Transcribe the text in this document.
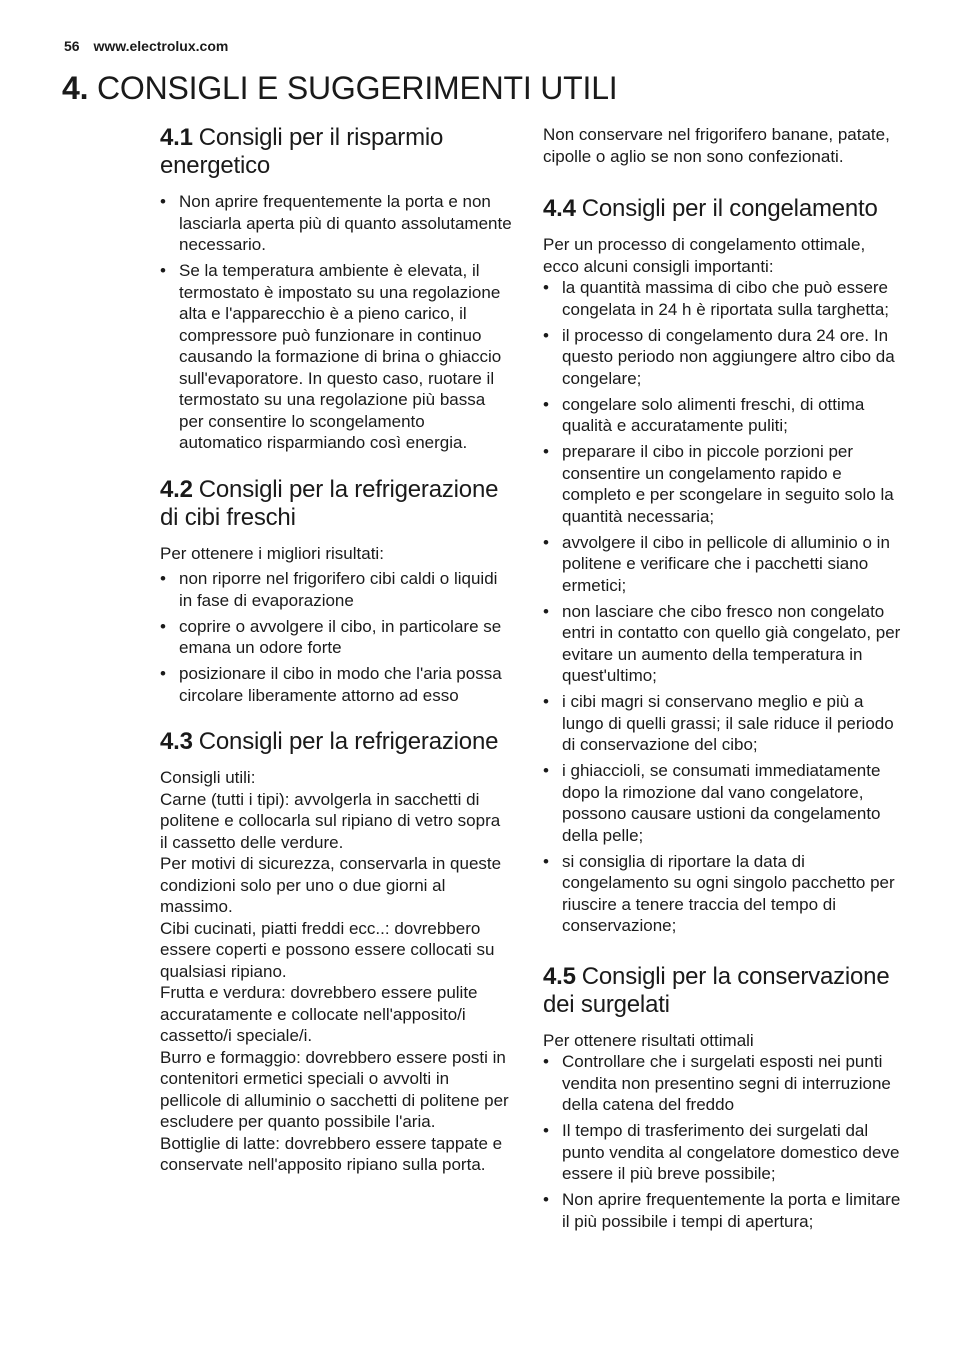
56 www.electrolux.com
4. CONSIGLI E SUGGERIMENTI UTILI
4.1 Consigli per il risparmio energetico
• Non aprire frequentemente la porta e non lasciarla aperta più di quanto assolutamente necessario.
• Se la temperatura ambiente è elevata, il termostato è impostato su una regolazione alta e l'apparecchio è a pieno carico, il compressore può funzionare in continuo causando la formazione di brina o ghiaccio sull'evaporatore. In questo caso, ruotare il termostato su una regolazione più bassa per consentire lo scongelamento automatico risparmiando così energia.
4.2 Consigli per la refrigerazione di cibi freschi

Per ottenere i migliori risultati:

• non riporre nel frigorifero cibi caldi o liquidi in fase di evaporazione
• coprire o avvolgere il cibo, in particolare se emana un odore forte
• posizionare il cibo in modo che l'aria possa circolare liberamente attorno ad esso
4.3 Consigli per la refrigerazione

Consigli utili:

Carne (tutti i tipi): avvolgerla in sacchetti di politene e collocarla sul ripiano di vetro sopra il cassetto delle verdure.

Per motivi di sicurezza, conservarla in queste condizioni solo per uno o due giorni al massimo.

Cibi cucinati, piatti freddi ecc..: dovrebbero essere coperti e possono essere collocati su qualsiasi ripiano.

Frutta e verdura: dovrebbero essere pulite accuratamente e collocate nell'apposito/i cassetto/i speciale/i.

Burro e formaggio: dovrebbero essere posti in contenitori ermetici speciali o avvolti in pellicole di alluminio o sacchetti di politene per escludere per quanto possibile l'aria.

Bottiglie di latte: dovrebbero essere tappate e conservate nell'apposito ripiano sulla porta.

Non conservare nel frigorifero banane, patate, cipolle o aglio se non sono confezionati.

4.4 Consigli per il congelamento

Per un processo di congelamento ottimale, ecco alcuni consigli importanti:

• la quantità massima di cibo che può essere congelata in 24 h è riportata sulla targhetta;
• il processo di congelamento dura 24 ore. In questo periodo non aggiungere altro cibo da congelare;
• congelare solo alimenti freschi, di ottima qualità e accuratamente puliti;
• preparare il cibo in piccole porzioni per consentire un congelamento rapido e completo e per scongelare in seguito solo la quantità necessaria;
• avvolgere il cibo in pellicole di alluminio o in politene e verificare che i pacchetti siano ermetici;
• non lasciare che cibo fresco non congelato entri in contatto con quello già congelato, per evitare un aumento della temperatura in quest'ultimo;
• i cibi magri si conservano meglio e più a lungo di quelli grassi; il sale riduce il periodo di conservazione del cibo;
• i ghiaccioli, se consumati immediatamente dopo la rimozione dal vano congelatore, possono causare ustioni da congelamento della pelle;
• si consiglia di riportare la data di congelamento su ogni singolo pacchetto per riuscire a tenere traccia del tempo di conservazione;
4.5 Consigli per la conservazione dei surgelati

Per ottenere risultati ottimali

• Controllare che i surgelati esposti nei punti vendita non presentino segni di interruzione della catena del freddo
• Il tempo di trasferimento dei surgelati dal punto vendita al congelatore domestico deve essere il più breve possibile;
• Non aprire frequentemente la porta e limitare il più possibile i tempi di apertura;
